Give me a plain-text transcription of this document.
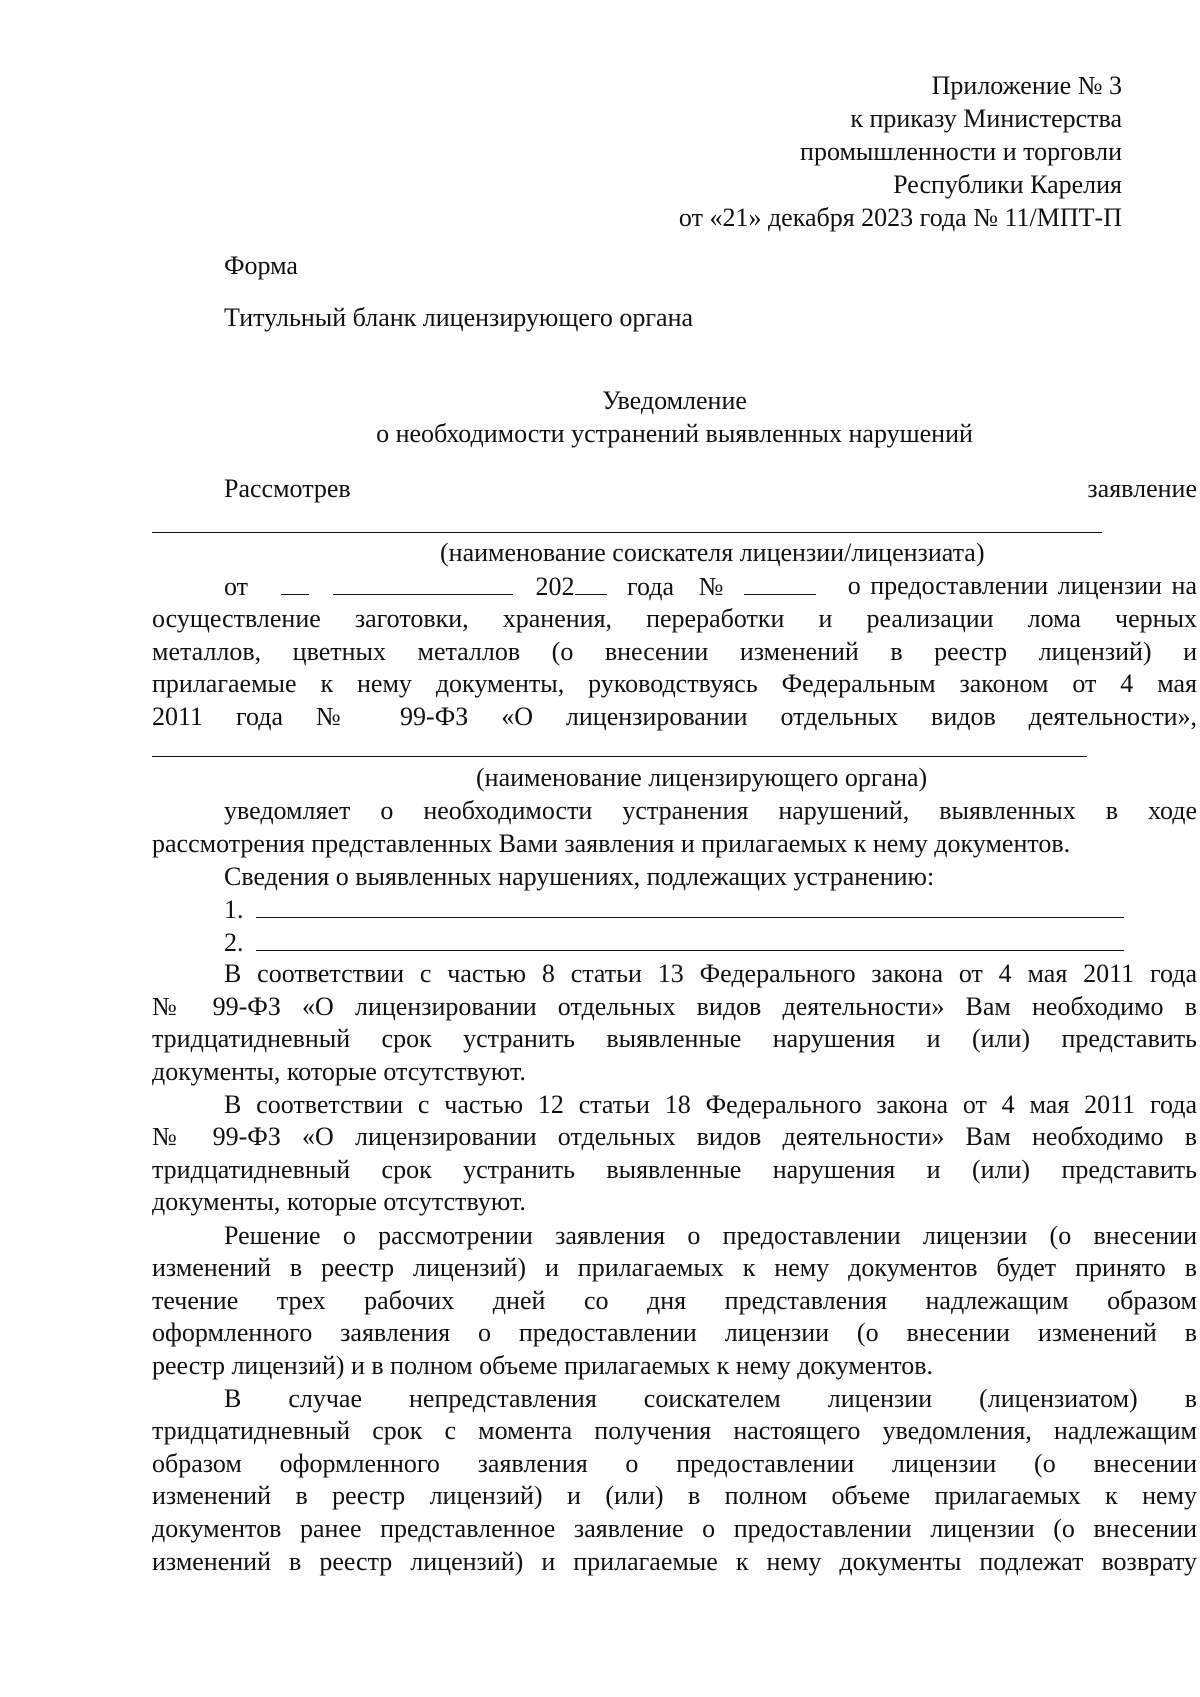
Приложение № 3
к приказу Министерства
промышленности и торговли
Республики Карелия
от «21» декабря 2023 года № 11/МПТ-П
Форма
Титульный бланк лицензирующего органа
Уведомление
о необходимости устранений выявленных нарушений
Рассмотрев	заявление
(наименование соискателя лицензии/лицензиата)
от	202 года №	о предоставлении лицензии на
осуществление заготовки, хранения, переработки и реализации лома черных
металлов, цветных металлов (о внесении изменений в реестр лицензий) и
прилагаемые к нему документы, руководствуясь Федеральным законом от 4 мая
2011 года № 99-ФЗ «О лицензировании отдельных видов деятельности»,
(наименование лицензирующего органа)
уведомляет о необходимости устранения нарушений, выявленных в ходе
рассмотрения представленных Вами заявления и прилагаемых к нему документов.
Сведения о выявленных нарушениях, подлежащих устранению:
1.
2.
В соответствии с частью 8 статьи 13 Федерального закона от 4 мая 2011 года
№ 99-ФЗ «О лицензировании отдельных видов деятельности» Вам необходимо в
тридцатидневный срок устранить выявленные нарушения и (или) представить
документы, которые отсутствуют.
В соответствии с частью 12 статьи 18 Федерального закона от 4 мая 2011 года
№ 99-ФЗ «О лицензировании отдельных видов деятельности» Вам необходимо в
тридцатидневный срок устранить выявленные нарушения и (или) представить
документы, которые отсутствуют.
Решение о рассмотрении заявления о предоставлении лицензии (о внесении
изменений в реестр лицензий) и прилагаемых к нему документов будет принято в
течение трех рабочих дней со дня представления надлежащим образом
оформленного заявления о предоставлении лицензии (о внесении изменений в
реестр лицензий) и в полном объеме прилагаемых к нему документов.
В случае непредставления соискателем лицензии (лицензиатом) в
тридцатидневный срок с момента получения настоящего уведомления, надлежащим
образом оформленного заявления о предоставлении лицензии (о внесении
изменений в реестр лицензий) и (или) в полном объеме прилагаемых к нему
документов ранее представленное заявление о предоставлении лицензии (о внесении
изменений в реестр лицензий) и прилагаемые к нему документы подлежат возврату
